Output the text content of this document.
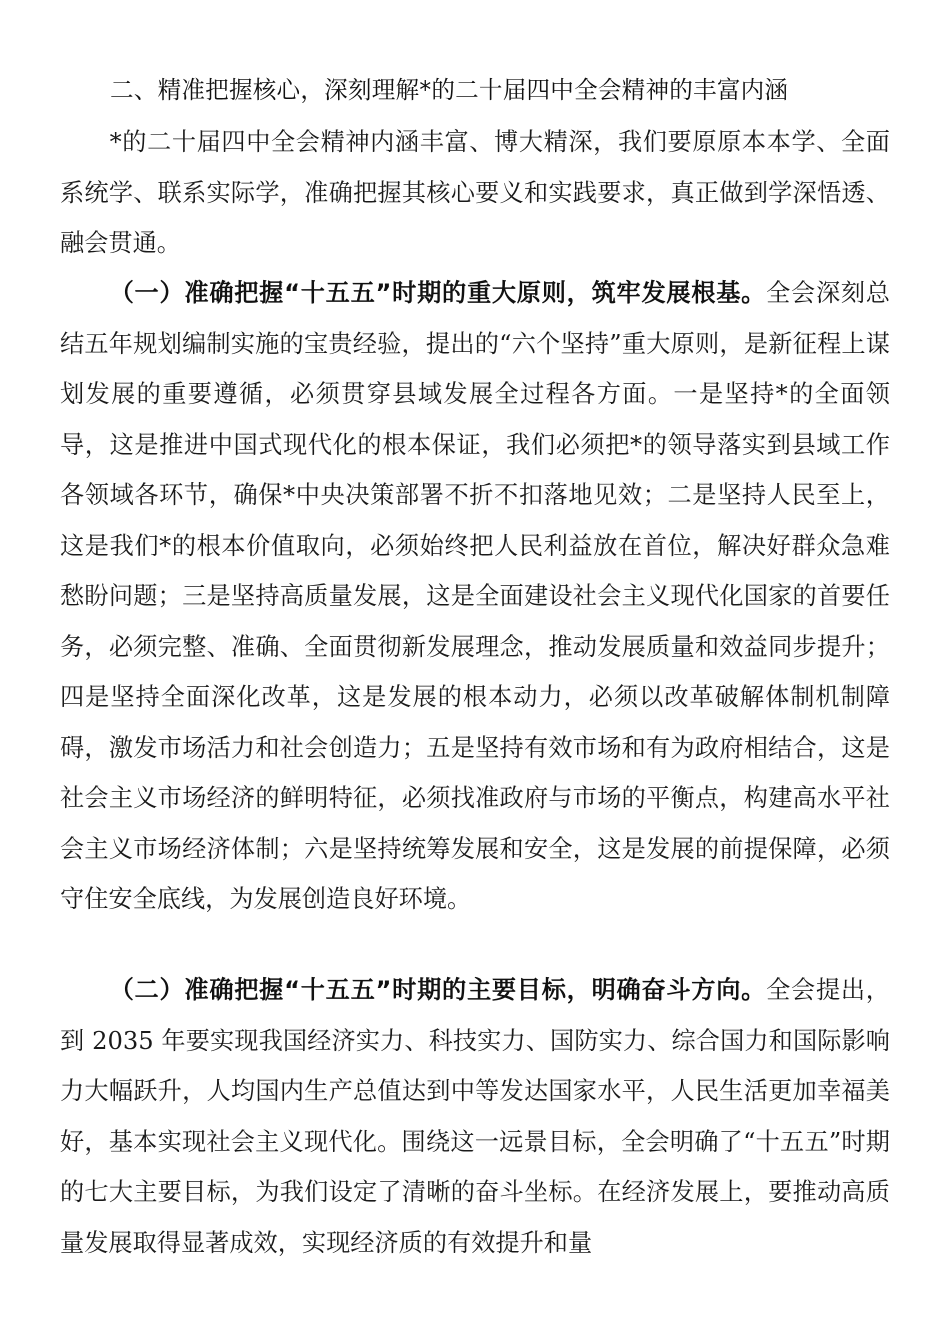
二、精准把握核心，深刻理解*的二十届四中全会精神的丰富内涵

*的二十届四中全会精神内涵丰富、博大精深，我们要原原本本学、全面系统学、联系实际学，准确把握其核心要义和实践要求，真正做到学深悟透、融会贯通。

（一）准确把握“十五五”时期的重大原则，筑牢发展根基。全会深刻总结五年规划编制实施的宝贵经验，提出的“六个坚持”重大原则，是新征程上谋划发展的重要遵循，必须贯穿县域发展全过程各方面。一是坚持*的全面领导，这是推进中国式现代化的根本保证，我们必须把*的领导落实到县域工作各领域各环节，确保*中央决策部署不折不扣落地见效；二是坚持人民至上，这是我们*的根本价值取向，必须始终把人民利益放在首位，解决好群众急难愁盼问题；三是坚持高质量发展，这是全面建设社会主义现代化国家的首要任务，必须完整、准确、全面贯彻新发展理念，推动发展质量和效益同步提升；四是坚持全面深化改革，这是发展的根本动力，必须以改革破解体制机制障碍，激发市场活力和社会创造力；五是坚持有效市场和有为政府相结合，这是社会主义市场经济的鲜明特征，必须找准政府与市场的平衡点，构建高水平社会主义市场经济体制；六是坚持统筹发展和安全，这是发展的前提保障，必须守住安全底线，为发展创造良好环境。

（二）准确把握“十五五”时期的主要目标，明确奋斗方向。全会提出，到 2035 年要实现我国经济实力、科技实力、国防实力、综合国力和国际影响力大幅跃升，人均国内生产总值达到中等发达国家水平，人民生活更加幸福美好，基本实现社会主义现代化。围绕这一远景目标，全会明确了“十五五”时期的七大主要目标，为我们设定了清晰的奋斗坐标。在经济发展上，要推动高质量发展取得显著成效，实现经济质的有效提升和量
